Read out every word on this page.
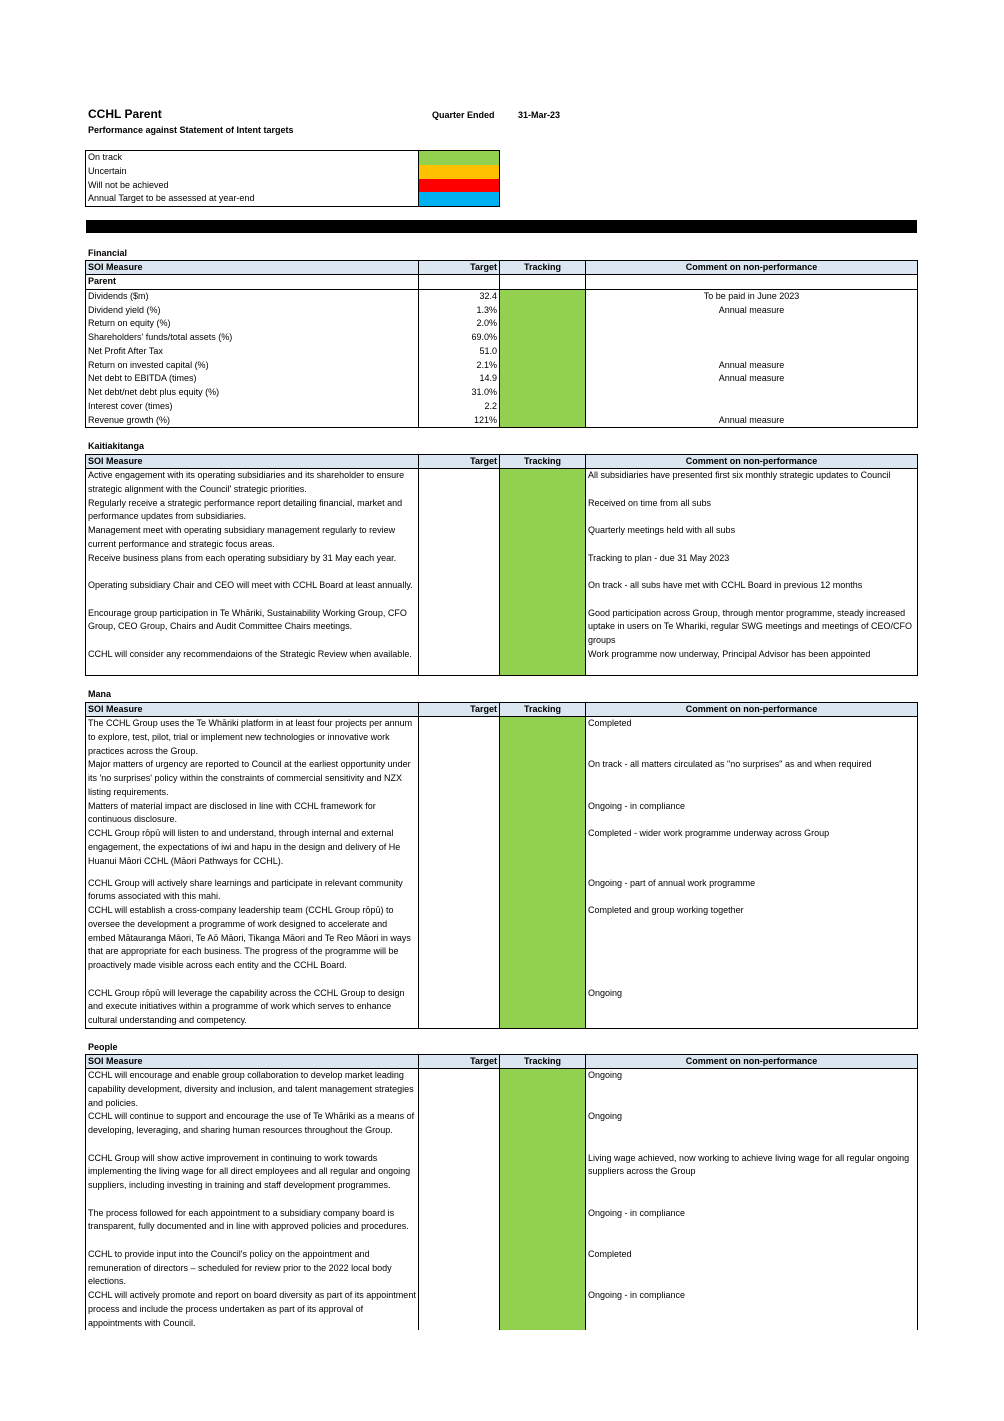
CCHL Parent
Performance against Statement of Intent targets
Quarter Ended	31-Mar-23
On track
Uncertain
Will not be achieved
Annual Target to be assessed at year-end
Financial
SOI Measure	Target	Tracking	Comment on non-performance
Parent			
Dividends ($m)	32.4		To be paid in June 2023
Dividend yield (%)	1.3%		Annual measure
Return on equity (%)	2.0%		
Shareholders' funds/total assets (%)	69.0%		
Net Profit After Tax	51.0		
Return on invested capital (%)	2.1%		Annual measure
Net debt to EBITDA (times)	14.9		Annual measure
Net debt/net debt plus equity (%)	31.0%		
Interest cover (times)	2.2		
Revenue growth (%)	121%		Annual measure
Kaitiakitanga
SOI Measure	Target	Tracking	Comment on non-performance
Active engagement with its operating subsidiaries and its shareholder to ensure strategic alignment with the Council' strategic priorities.			All subsidiaries have presented first six monthly strategic updates to Council
Regularly receive a strategic performance report detailing financial, market and performance updates from subsidiaries.			Received on time from all subs
Management meet with operating subsidiary management regularly to review current performance and strategic focus areas.			Quarterly meetings held with all subs
Receive business plans from each operating subsidiary by 31 May each year.			Tracking to plan - due 31 May 2023
Operating subsidiary Chair and CEO will meet with CCHL Board at least annually.			On track - all subs have met with CCHL Board in previous 12 months
Encourage group participation in Te Whāriki, Sustainability Working Group, CFO Group, CEO Group, Chairs and Audit Committee Chairs meetings.			Good participation across Group, through mentor programme, steady increased uptake in users on Te Whariki, regular SWG meetings and meetings of CEO/CFO groups
CCHL will consider any recommendaions of the Strategic Review when available.			Work programme now underway, Principal Advisor has been appointed
Mana
SOI Measure	Target	Tracking	Comment on non-performance
The CCHL Group uses the Te Whāriki platform in at least four projects per annum to explore, test, pilot, trial or implement new technologies or innovative work practices across the Group.			Completed
Major matters of urgency are reported to Council at the earliest opportunity under its 'no surprises' policy within the constraints of commercial sensitivity and NZX listing requirements.			On track - all matters circulated as "no surprises" as and when required
Matters of material impact are disclosed in line with CCHL framework for continuous disclosure.			Ongoing - in compliance
CCHL Group rōpū will listen to and understand, through internal and external engagement, the expectations of iwi and hapu in the design and delivery of He Huanui Māori CCHL (Māori Pathways for CCHL).			Completed - wider work programme underway across Group
CCHL Group will actively share learnings and participate in relevant community forums associated with this mahi.			Ongoing - part of annual work programme
CCHL will establish a cross-company leadership team (CCHL Group rōpū) to oversee the development a programme of work designed to accelerate and embed Mātauranga Māori, Te Aō Māori, Tikanga Māori and Te Reo Māori in ways that are appropriate for each business. The progress of the programme will be proactively made visible across each entity and the CCHL Board.			Completed and group working together
CCHL Group rōpū will leverage the capability across the CCHL Group to design and execute initiatives within a programme of work which serves to enhance cultural understanding and competency.			Ongoing
People
SOI Measure	Target	Tracking	Comment on non-performance
CCHL will encourage and enable group collaboration to develop market leading capability development, diversity and inclusion, and talent management strategies and policies.			Ongoing
CCHL will continue to support and encourage the use of Te Whāriki as a means of developing, leveraging, and sharing human resources throughout the Group.			Ongoing
CCHL Group will show active improvement in continuing to work towards implementing the living wage for all direct employees and all regular and ongoing suppliers, including investing in training and staff development programmes.			Living wage achieved, now working to achieve living wage for all regular ongoing suppliers across the Group
The process followed for each appointment to a subsidiary company board is transparent, fully documented and in line with approved policies and procedures.			Ongoing - in compliance
CCHL to provide input into the Council's policy on the appointment and remuneration of directors – scheduled for review prior to the 2022 local body elections.			Completed
CCHL will actively promote and report on board diversity as part of its appointment process and include the process undertaken as part of its approval of appointments with Council.			Ongoing - in compliance
